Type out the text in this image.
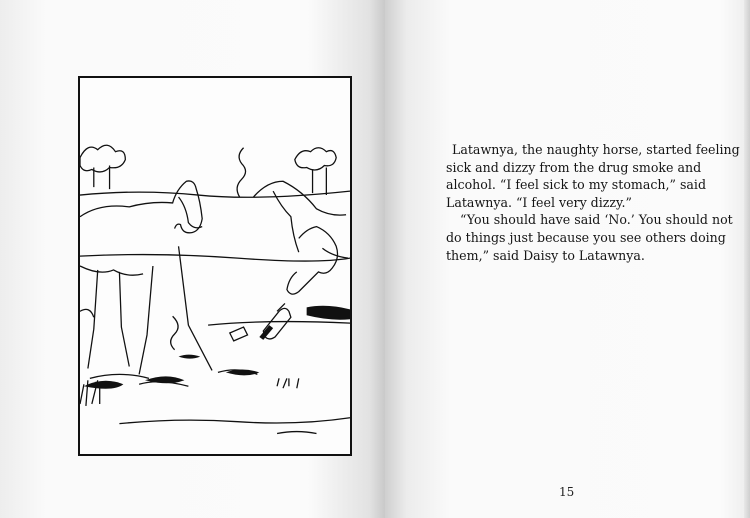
Latawnya, the naughty horse, started feeling sick and dizzy from the drug smoke and alcohol. “I feel sick to my stomach,” said Latawnya. “I feel very dizzy.”

“You should have said ‘No.’ You should not do things just because you see others doing them,” said Daisy to Latawnya.

15
